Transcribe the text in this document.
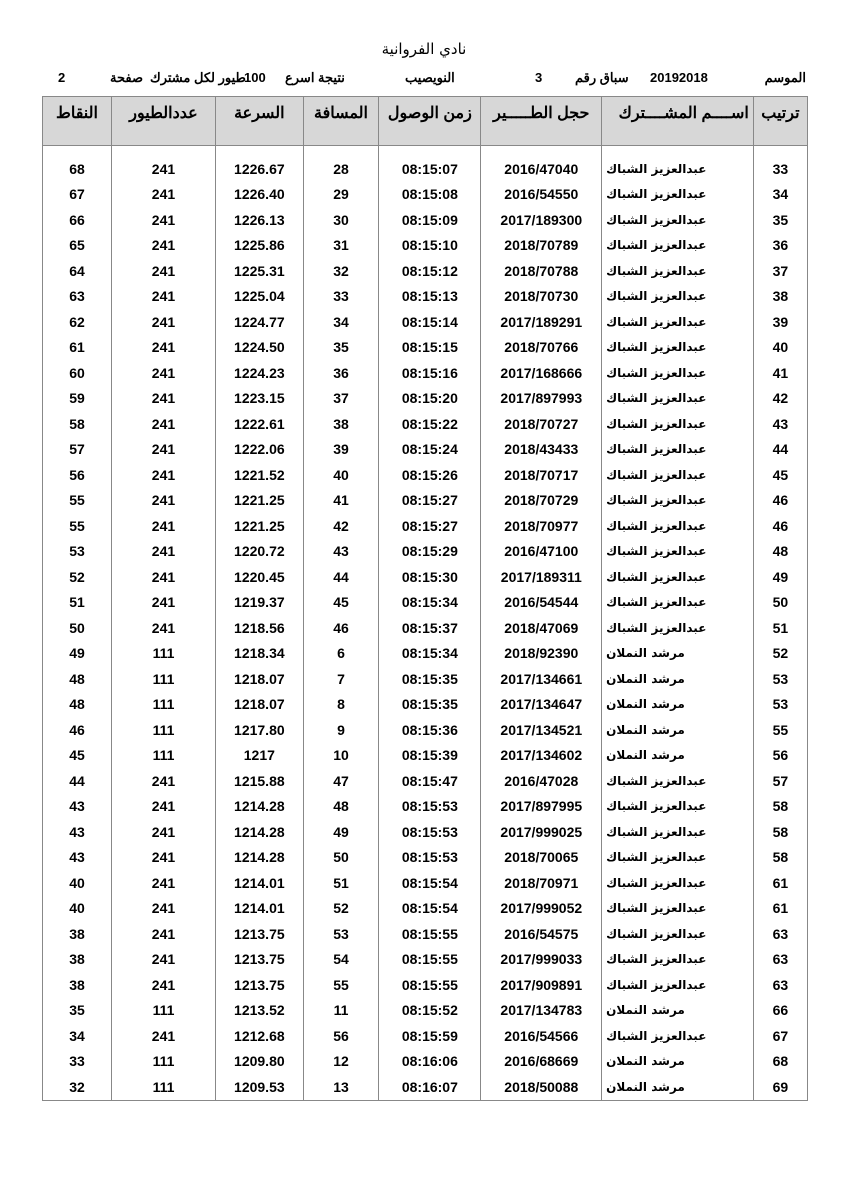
نادي الفروانية
الموسم
20192018
سباق رقم
3
النويصيب
نتيجة اسرع
100
طيور لكل مشترك
صفحة
2
ترتيب	اســــم المشــــترك	حجل الطـــــير	زمن الوصول	المسافة	السرعة	عددالطيور	النقاط

33	عبدالعزيز الشباك	2016/47040	08:15:07	28	1226.67	241	68
34	عبدالعزيز الشباك	2016/54550	08:15:08	29	1226.40	241	67
35	عبدالعزيز الشباك	2017/189300	08:15:09	30	1226.13	241	66
36	عبدالعزيز الشباك	2018/70789	08:15:10	31	1225.86	241	65
37	عبدالعزيز الشباك	2018/70788	08:15:12	32	1225.31	241	64
38	عبدالعزيز الشباك	2018/70730	08:15:13	33	1225.04	241	63
39	عبدالعزيز الشباك	2017/189291	08:15:14	34	1224.77	241	62
40	عبدالعزيز الشباك	2018/70766	08:15:15	35	1224.50	241	61
41	عبدالعزيز الشباك	2017/168666	08:15:16	36	1224.23	241	60
42	عبدالعزيز الشباك	2017/897993	08:15:20	37	1223.15	241	59
43	عبدالعزيز الشباك	2018/70727	08:15:22	38	1222.61	241	58
44	عبدالعزيز الشباك	2018/43433	08:15:24	39	1222.06	241	57
45	عبدالعزيز الشباك	2018/70717	08:15:26	40	1221.52	241	56
46	عبدالعزيز الشباك	2018/70729	08:15:27	41	1221.25	241	55
46	عبدالعزيز الشباك	2018/70977	08:15:27	42	1221.25	241	55
48	عبدالعزيز الشباك	2016/47100	08:15:29	43	1220.72	241	53
49	عبدالعزيز الشباك	2017/189311	08:15:30	44	1220.45	241	52
50	عبدالعزيز الشباك	2016/54544	08:15:34	45	1219.37	241	51
51	عبدالعزيز الشباك	2018/47069	08:15:37	46	1218.56	241	50
52	مرشد النملان	2018/92390	08:15:34	6	1218.34	111	49
53	مرشد النملان	2017/134661	08:15:35	7	1218.07	111	48
53	مرشد النملان	2017/134647	08:15:35	8	1218.07	111	48
55	مرشد النملان	2017/134521	08:15:36	9	1217.80	111	46
56	مرشد النملان	2017/134602	08:15:39	10	1217	111	45
57	عبدالعزيز الشباك	2016/47028	08:15:47	47	1215.88	241	44
58	عبدالعزيز الشباك	2017/897995	08:15:53	48	1214.28	241	43
58	عبدالعزيز الشباك	2017/999025	08:15:53	49	1214.28	241	43
58	عبدالعزيز الشباك	2018/70065	08:15:53	50	1214.28	241	43
61	عبدالعزيز الشباك	2018/70971	08:15:54	51	1214.01	241	40
61	عبدالعزيز الشباك	2017/999052	08:15:54	52	1214.01	241	40
63	عبدالعزيز الشباك	2016/54575	08:15:55	53	1213.75	241	38
63	عبدالعزيز الشباك	2017/999033	08:15:55	54	1213.75	241	38
63	عبدالعزيز الشباك	2017/909891	08:15:55	55	1213.75	241	38
66	مرشد النملان	2017/134783	08:15:52	11	1213.52	111	35
67	عبدالعزيز الشباك	2016/54566	08:15:59	56	1212.68	241	34
68	مرشد النملان	2016/68669	08:16:06	12	1209.80	111	33
69	مرشد النملان	2018/50088	08:16:07	13	1209.53	111	32
